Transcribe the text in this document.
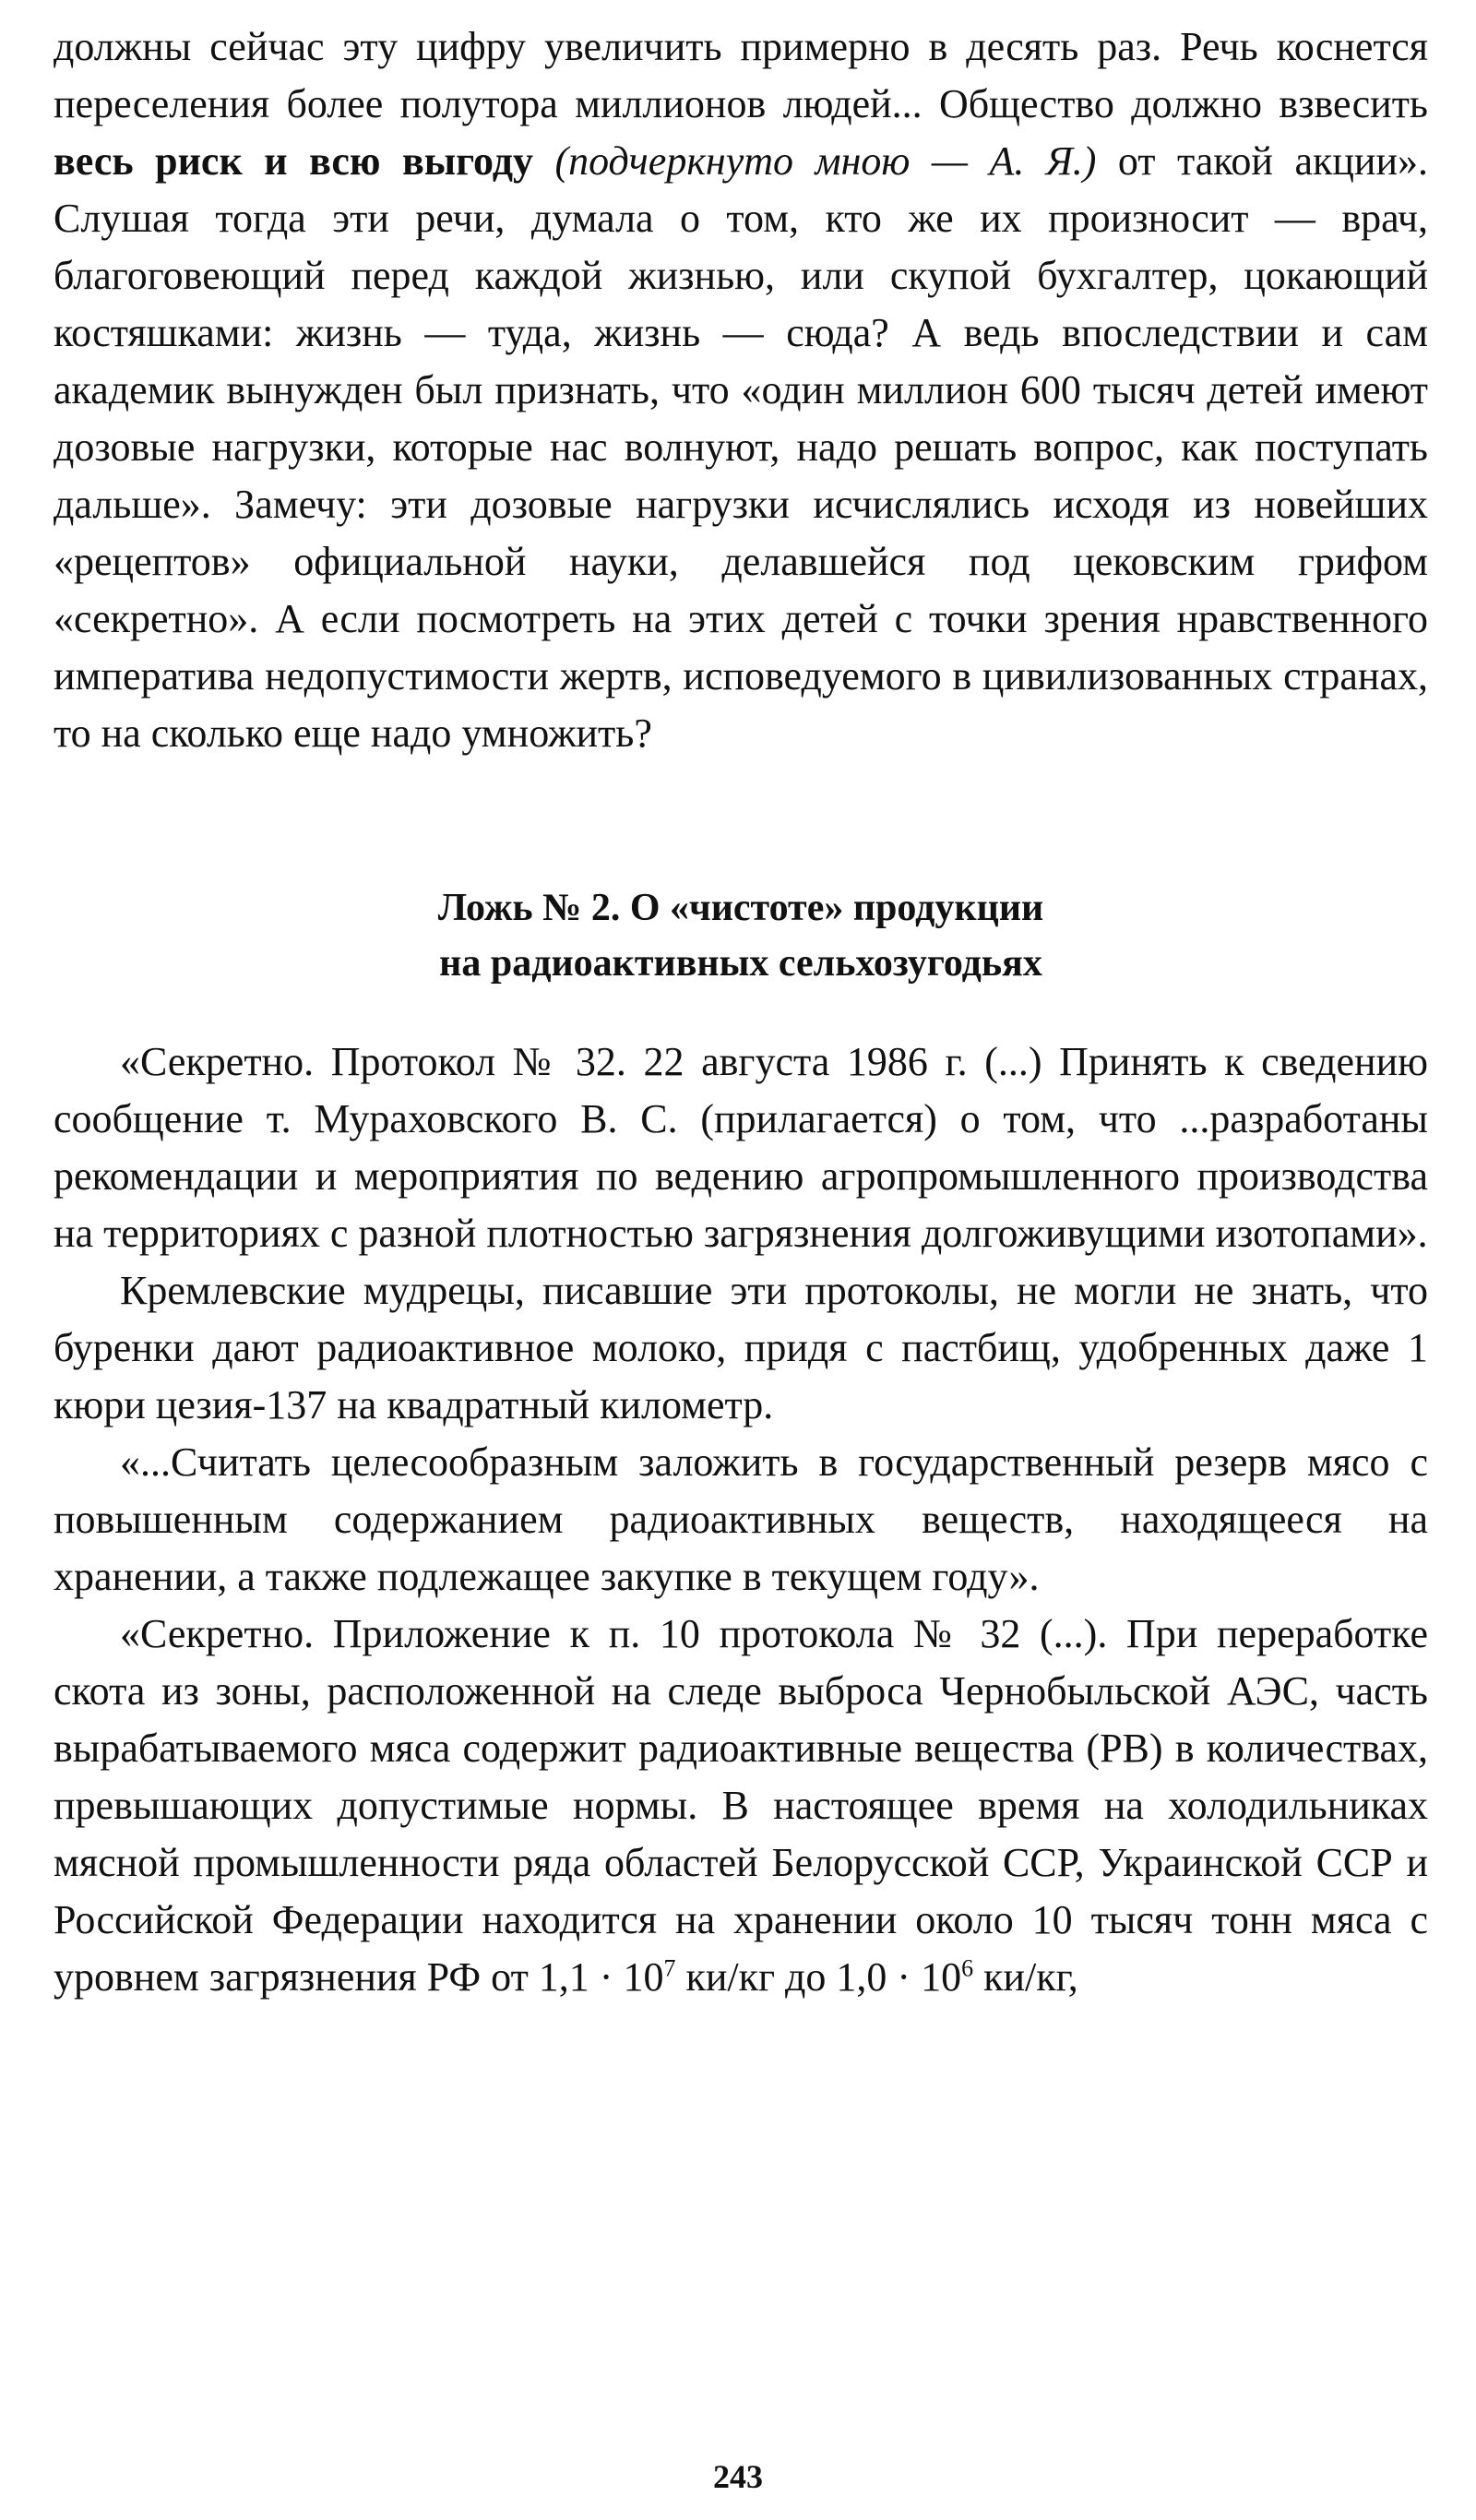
должны сейчас эту цифру увеличить примерно в десять раз. Речь коснется переселения более полутора миллионов людей... Общество должно взвесить весь риск и всю выгоду (подчеркнуто мною — А. Я.) от такой акции». Слушая тогда эти речи, думала о том, кто же их произносит — врач, благоговеющий перед каждой жизнью, или скупой бухгалтер, цокающий костяшками: жизнь — туда, жизнь — сюда? А ведь впоследствии и сам академик вынужден был признать, что «один миллион 600 тысяч детей имеют дозовые нагрузки, которые нас волнуют, надо решать вопрос, как поступать дальше». Замечу: эти дозовые нагрузки исчислялись исходя из новейших «рецептов» официальной науки, делавшейся под цековским грифом «секретно». А если посмотреть на этих детей с точки зрения нравственного императива недопустимости жертв, исповедуемого в цивилизованных странах, то на сколько еще надо умножить?

Ложь № 2. О «чистоте» продукции
на радиоактивных сельхозугодьях

«Секретно. Протокол № 32. 22 августа 1986 г. (...) Принять к сведению сообщение т. Мураховского В. С. (прилагается) о том, что ...разработаны рекомендации и мероприятия по ведению агропромышленного производства на территориях с разной плотностью загрязнения долгоживущими изотопами».

Кремлевские мудрецы, писавшие эти протоколы, не могли не знать, что буренки дают радиоактивное молоко, придя с пастбищ, удобренных даже 1 кюри цезия-137 на квадратный километр.

«...Считать целесообразным заложить в государственный резерв мясо с повышенным содержанием радиоактивных веществ, находящееся на хранении, а также подлежащее закупке в текущем году».

«Секретно. Приложение к п. 10 протокола № 32 (...). При переработке скота из зоны, расположенной на следе выброса Чернобыльской АЭС, часть вырабатываемого мяса содержит радиоактивные вещества (РВ) в количествах, превышающих допустимые нормы. В настоящее время на холодильниках мясной промышленности ряда областей Белорусской ССР, Украинской ССР и Российской Федерации находится на хранении около 10 тысяч тонн мяса с уровнем загрязнения РФ от $1,1 \cdot 10^7$ ки/кг до $1,0 \cdot 10^6$ ки/кг,

243
